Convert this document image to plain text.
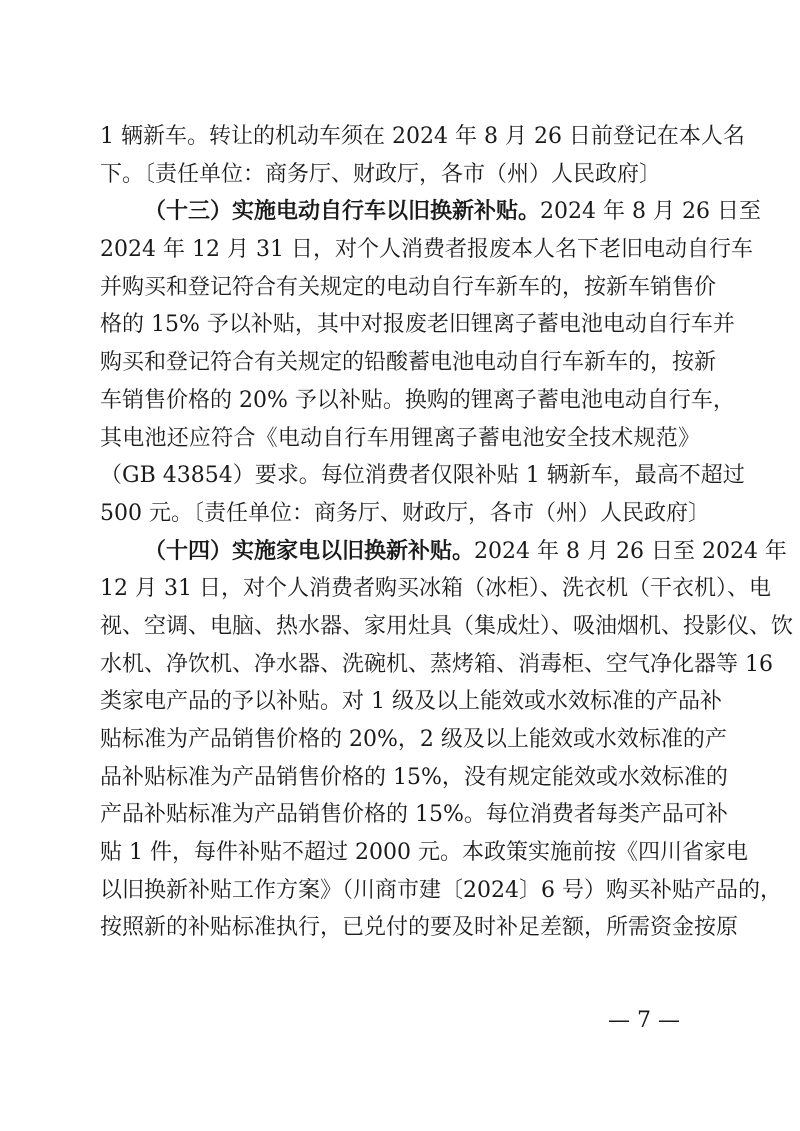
1 辆新车。转让的机动车须在 2024 年 8 月 26 日前登记在本人名
下。〔责任单位：商务厅、财政厅，各市（州）人民政府〕
（十三）实施电动自行车以旧换新补贴。2024 年 8 月 26 日至
2024 年 12 月 31 日，对个人消费者报废本人名下老旧电动自行车
并购买和登记符合有关规定的电动自行车新车的，按新车销售价
格的 15% 予以补贴，其中对报废老旧锂离子蓄电池电动自行车并
购买和登记符合有关规定的铅酸蓄电池电动自行车新车的，按新
车销售价格的 20% 予以补贴。换购的锂离子蓄电池电动自行车，
其电池还应符合《电动自行车用锂离子蓄电池安全技术规范》
（GB 43854）要求。每位消费者仅限补贴 1 辆新车，最高不超过
500 元。〔责任单位：商务厅、财政厅，各市（州）人民政府〕
（十四）实施家电以旧换新补贴。2024 年 8 月 26 日至 2024 年
12 月 31 日，对个人消费者购买冰箱（冰柜）、洗衣机（干衣机）、电
视、空调、电脑、热水器、家用灶具（集成灶）、吸油烟机、投影仪、饮
水机、净饮机、净水器、洗碗机、蒸烤箱、消毒柜、空气净化器等 16
类家电产品的予以补贴。对 1 级及以上能效或水效标准的产品补
贴标准为产品销售价格的 20%，2 级及以上能效或水效标准的产
品补贴标准为产品销售价格的 15%，没有规定能效或水效标准的
产品补贴标准为产品销售价格的 15%。每位消费者每类产品可补
贴 1 件，每件补贴不超过 2000 元。本政策实施前按《四川省家电
以旧换新补贴工作方案》（川商市建〔2024〕6 号）购买补贴产品的，
按照新的补贴标准执行，已兑付的要及时补足差额，所需资金按原
— 7 —
